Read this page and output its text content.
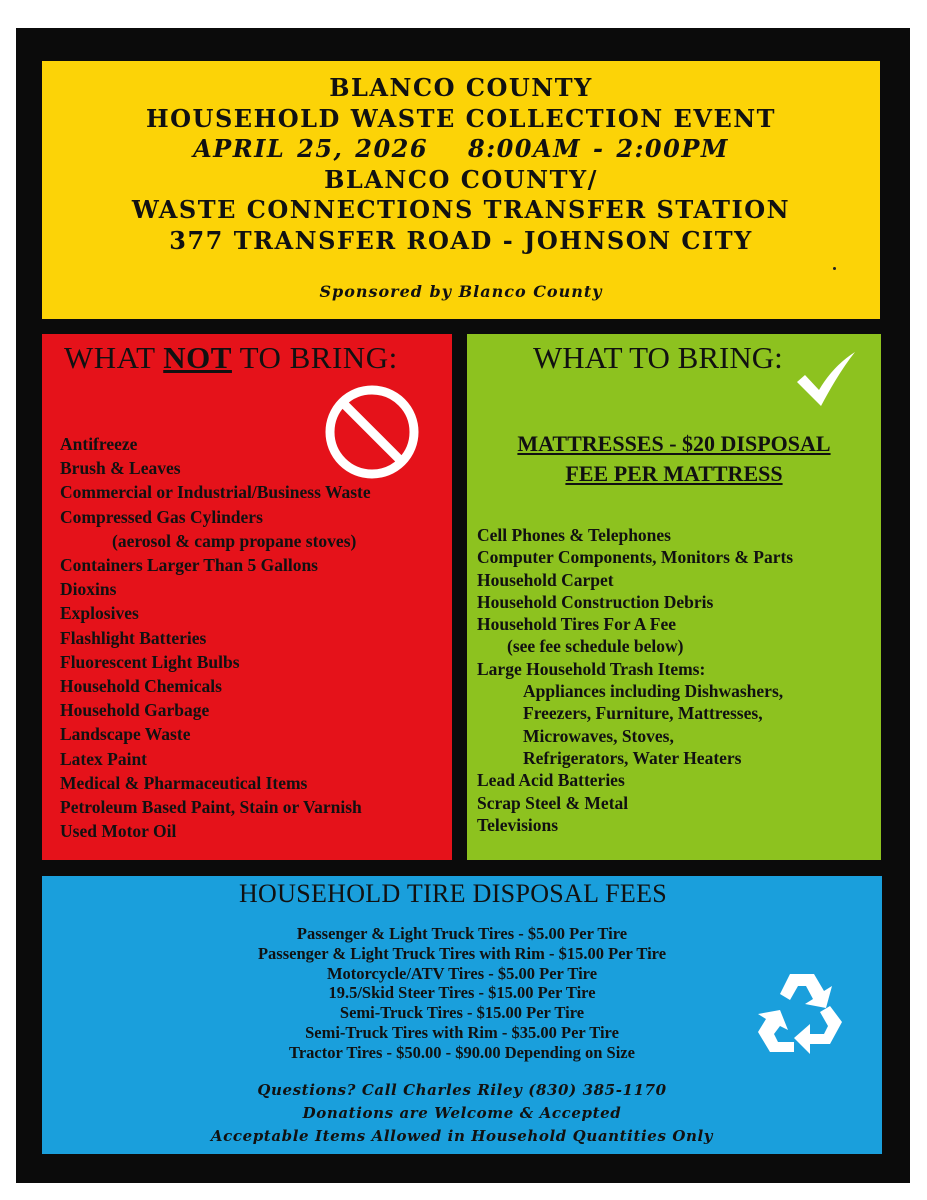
BLANCO COUNTY
HOUSEHOLD WASTE COLLECTION EVENT
APRIL 25, 2026 8:00AM - 2:00PM
BLANCO COUNTY/
WASTE CONNECTIONS TRANSFER STATION
377 TRANSFER ROAD - JOHNSON CITY
Sponsored by Blanco County
WHAT NOT TO BRING:
Antifreeze
Brush & Leaves
Commercial or Industrial/Business Waste
Compressed Gas Cylinders
(aerosol & camp propane stoves)
Containers Larger Than 5 Gallons
Dioxins
Explosives
Flashlight Batteries
Fluorescent Light Bulbs
Household Chemicals
Household Garbage
Landscape Waste
Latex Paint
Medical & Pharmaceutical Items
Petroleum Based Paint, Stain or Varnish
Used Motor Oil
WHAT TO BRING:
MATTRESSES - $20 DISPOSAL
FEE PER MATTRESS
Cell Phones & Telephones
Computer Components, Monitors & Parts
Household Carpet
Household Construction Debris
Household Tires For A Fee
(see fee schedule below)
Large Household Trash Items:
Appliances including Dishwashers,
Freezers, Furniture, Mattresses,
Microwaves, Stoves,
Refrigerators, Water Heaters
Lead Acid Batteries
Scrap Steel & Metal
Televisions
HOUSEHOLD TIRE DISPOSAL FEES
Passenger & Light Truck Tires - $5.00 Per Tire
Passenger & Light Truck Tires with Rim - $15.00 Per Tire
Motorcycle/ATV Tires - $5.00 Per Tire
19.5/Skid Steer Tires - $15.00 Per Tire
Semi-Truck Tires - $15.00 Per Tire
Semi-Truck Tires with Rim - $35.00 Per Tire
Tractor Tires - $50.00 - $90.00 Depending on Size
Questions? Call Charles Riley (830) 385-1170
Donations are Welcome & Accepted
Acceptable Items Allowed in Household Quantities Only
